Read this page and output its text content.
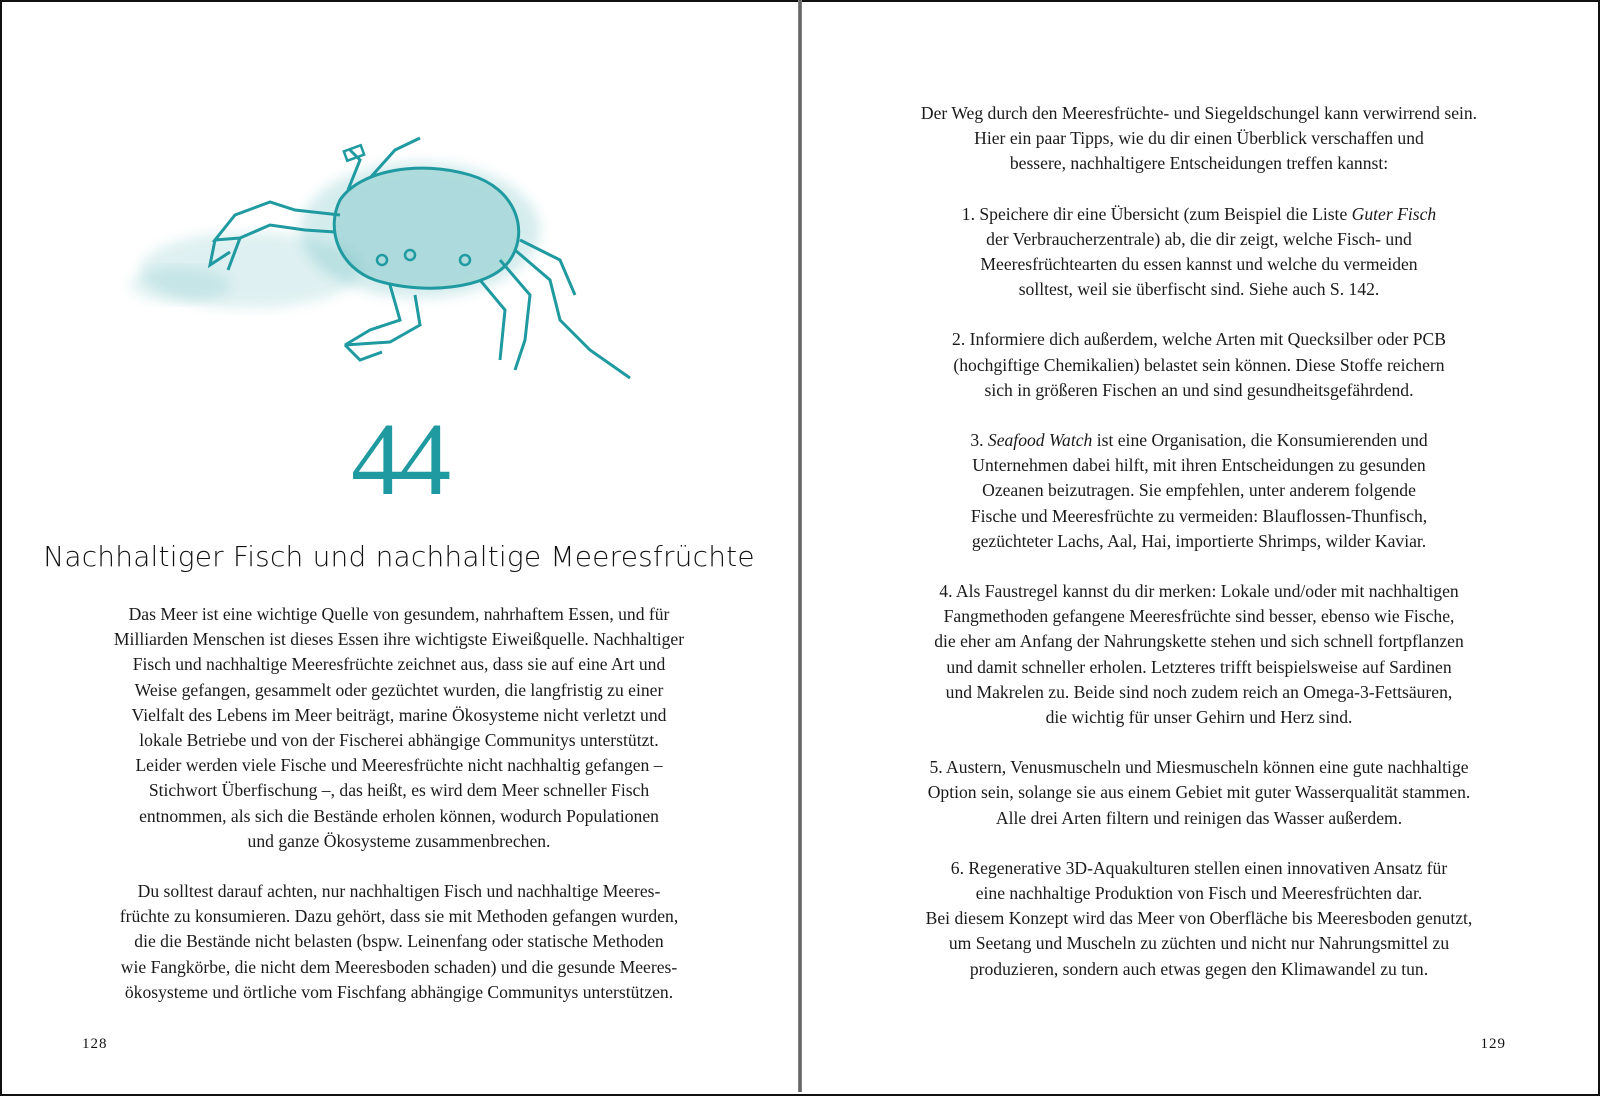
44
Nachhaltiger Fisch und nachhaltige Meeresfrüchte
Das Meer ist eine wichtige Quelle von gesundem, nahrhaftem Essen, und für
Milliarden Menschen ist dieses Essen ihre wichtigste Eiweißquelle. Nachhaltiger
Fisch und nachhaltige Meeresfrüchte zeichnet aus, dass sie auf eine Art und
Weise gefangen, gesammelt oder gezüchtet wurden, die langfristig zu einer
Vielfalt des Lebens im Meer beiträgt, marine Ökosysteme nicht verletzt und
lokale Betriebe und von der Fischerei abhängige Communitys unterstützt.
Leider werden viele Fische und Meeresfrüchte nicht nachhaltig gefangen –
Stichwort Überfischung –, das heißt, es wird dem Meer schneller Fisch
entnommen, als sich die Bestände erholen können, wodurch Populationen
und ganze Ökosysteme zusammenbrechen.
Du solltest darauf achten, nur nachhaltigen Fisch und nachhaltige Meeres-
früchte zu konsumieren. Dazu gehört, dass sie mit Methoden gefangen wurden,
die die Bestände nicht belasten (bspw. Leinenfang oder statische Methoden
wie Fangkörbe, die nicht dem Meeresboden schaden) und die gesunde Meeres-
ökosysteme und örtliche vom Fischfang abhängige Communitys unterstützen.
128

Der Weg durch den Meeresfrüchte- und Siegeldschungel kann verwirrend sein.
Hier ein paar Tipps, wie du dir einen Überblick verschaffen und
bessere, nachhaltigere Entscheidungen treffen kannst:

1. Speichere dir eine Übersicht (zum Beispiel die Liste Guter Fisch
der Verbraucherzentrale) ab, die dir zeigt, welche Fisch- und
Meeresfrüchtearten du essen kannst und welche du vermeiden
solltest, weil sie überfischt sind. Siehe auch S. 142.

2. Informiere dich außerdem, welche Arten mit Quecksilber oder PCB
(hochgiftige Chemikalien) belastet sein können. Diese Stoffe reichern
sich in größeren Fischen an und sind gesundheitsgefährdend.

3. Seafood Watch ist eine Organisation, die Konsumierenden und
Unternehmen dabei hilft, mit ihren Entscheidungen zu gesunden
Ozeanen beizutragen. Sie empfehlen, unter anderem folgende
Fische und Meeresfrüchte zu vermeiden: Blauflossen-Thunfisch,
gezüchteter Lachs, Aal, Hai, importierte Shrimps, wilder Kaviar.

4. Als Faustregel kannst du dir merken: Lokale und/oder mit nachhaltigen
Fangmethoden gefangene Meeresfrüchte sind besser, ebenso wie Fische,
die eher am Anfang der Nahrungskette stehen und sich schnell fortpflanzen
und damit schneller erholen. Letzteres trifft beispielsweise auf Sardinen
und Makrelen zu. Beide sind noch zudem reich an Omega-3-Fettsäuren,
die wichtig für unser Gehirn und Herz sind.

5. Austern, Venusmuscheln und Miesmuscheln können eine gute nachhaltige
Option sein, solange sie aus einem Gebiet mit guter Wasserqualität stammen.
Alle drei Arten filtern und reinigen das Wasser außerdem.

6. Regenerative 3D-Aquakulturen stellen einen innovativen Ansatz für
eine nachhaltige Produktion von Fisch und Meeresfrüchten dar.
Bei diesem Konzept wird das Meer von Oberfläche bis Meeresboden genutzt,
um Seetang und Muscheln zu züchten und nicht nur Nahrungsmittel zu
produzieren, sondern auch etwas gegen den Klimawandel zu tun.

129
